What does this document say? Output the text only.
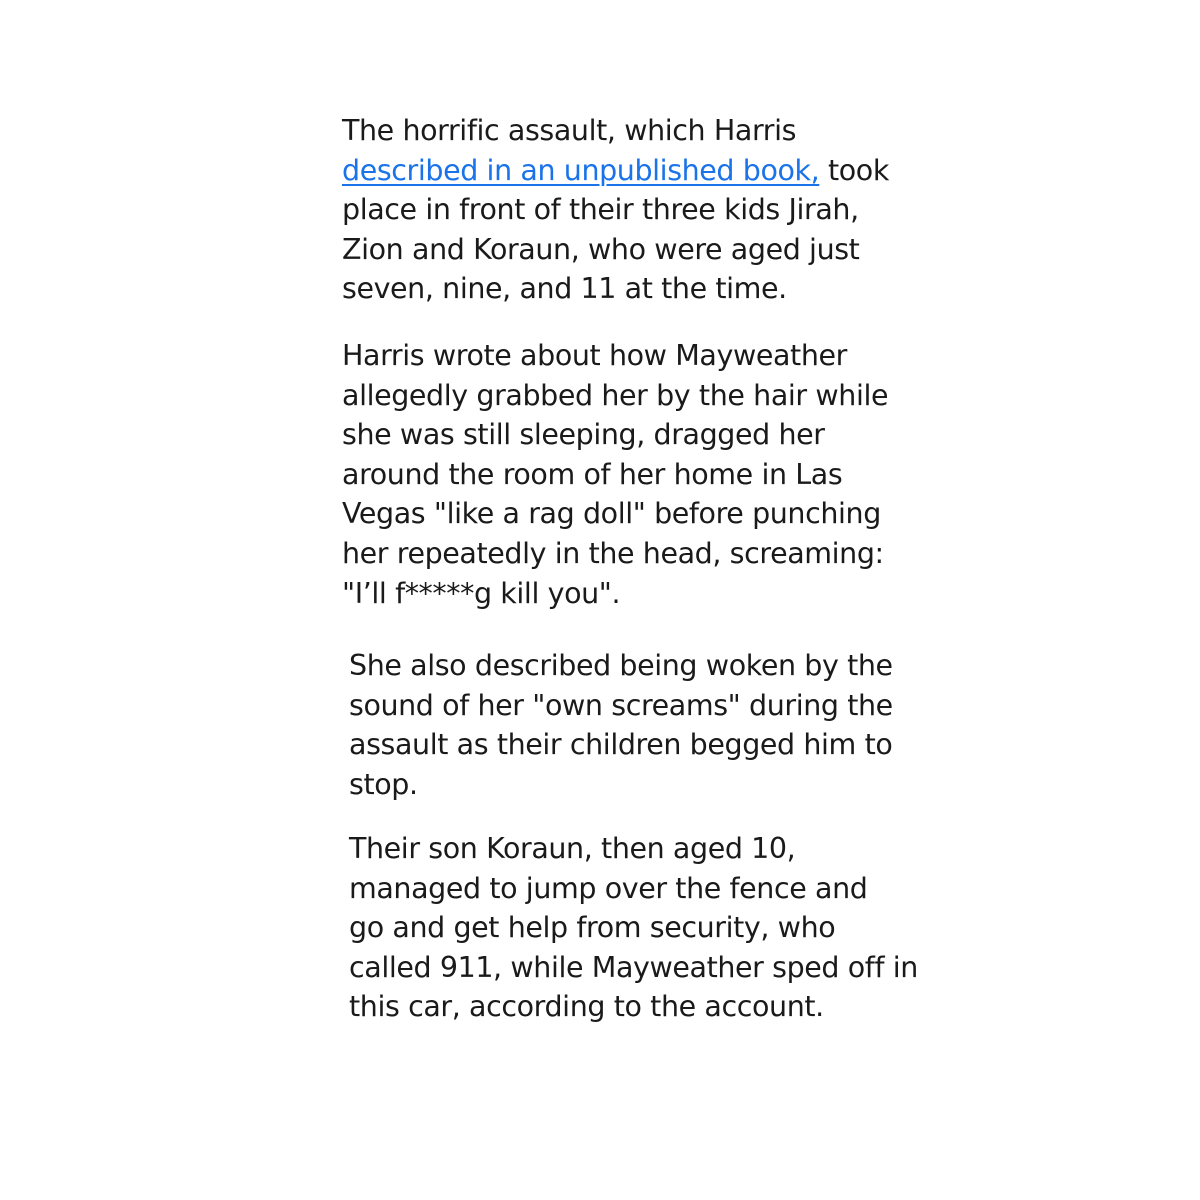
The horrific assault, which Harris
described in an unpublished book, took
place in front of their three kids Jirah,
Zion and Koraun, who were aged just
seven, nine, and 11 at the time.

Harris wrote about how Mayweather
allegedly grabbed her by the hair while
she was still sleeping, dragged her
around the room of her home in Las
Vegas "like a rag doll" before punching
her repeatedly in the head, screaming:
"I’ll f*****g kill you".

She also described being woken by the
sound of her "own screams" during the
assault as their children begged him to
stop.

Their son Koraun, then aged 10,
managed to jump over the fence and
go and get help from security, who
called 911, while Mayweather sped off in
this car, according to the account.
